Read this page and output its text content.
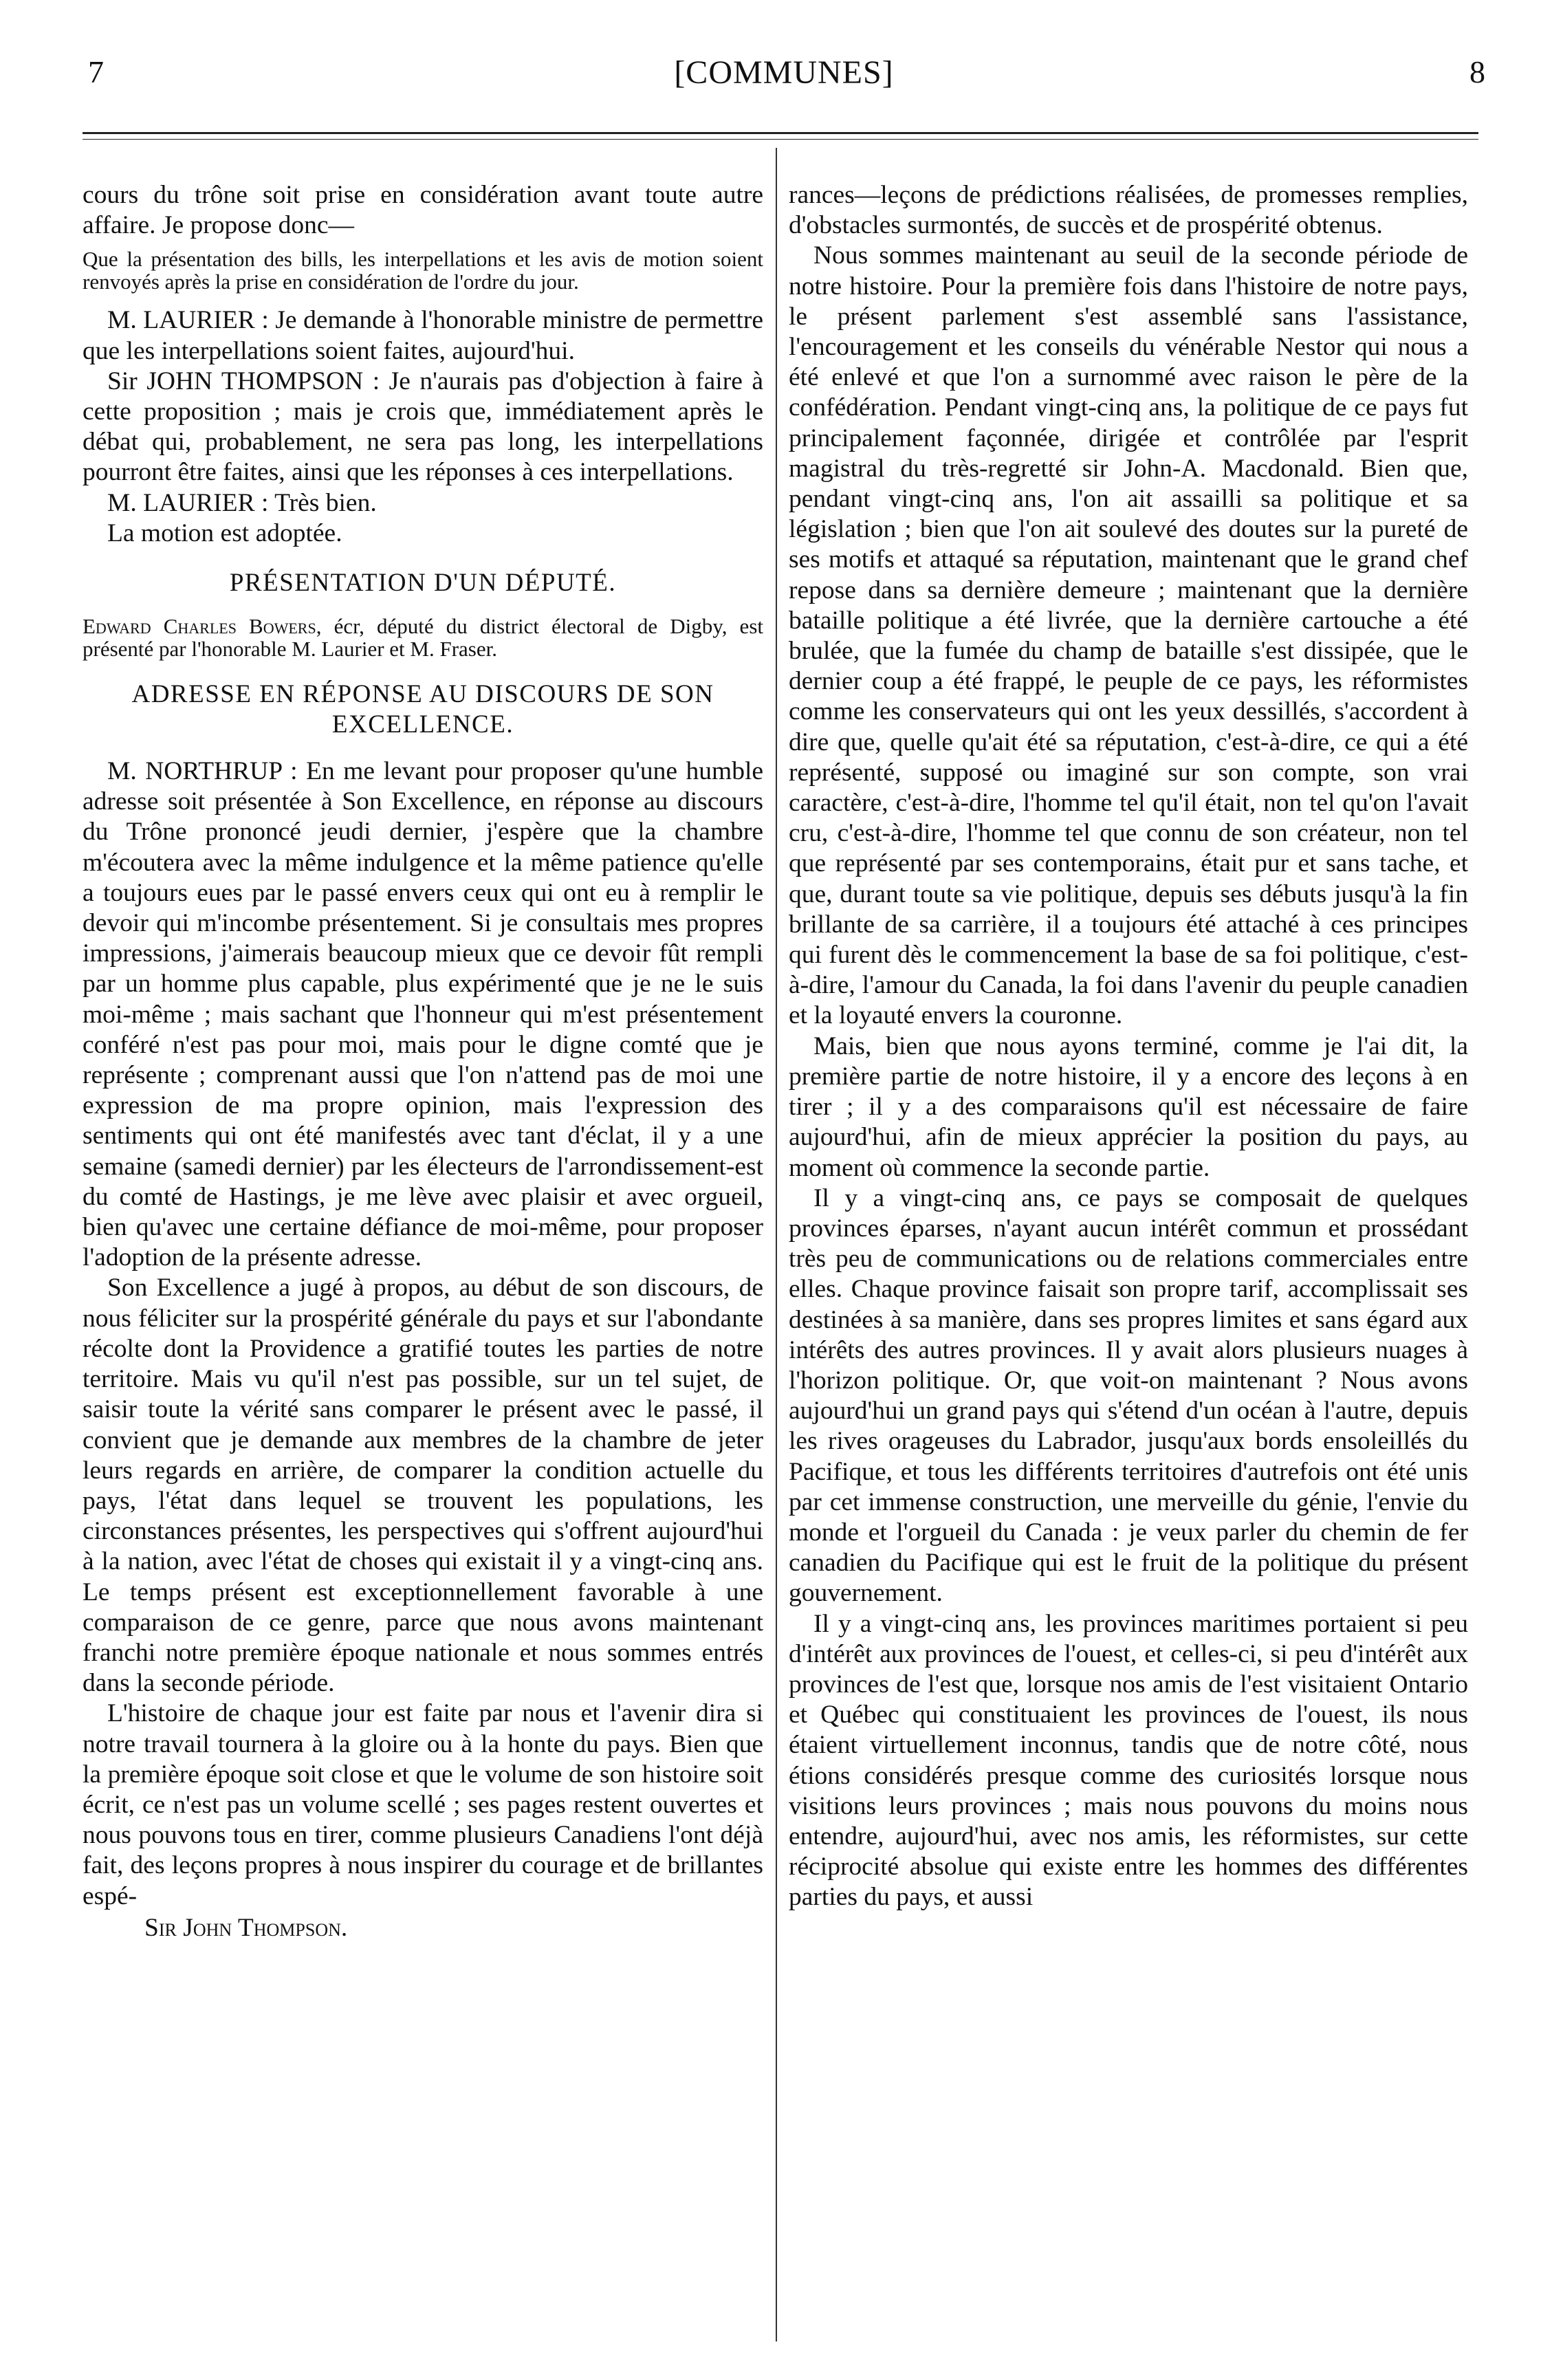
7	[COMMUNES]	8

cours du trône soit prise en considération avant toute autre affaire. Je propose donc—

Que la présentation des bills, les interpellations et les avis de motion soient renvoyés après la prise en considération de l'ordre du jour.

M. LAURIER : Je demande à l'honorable ministre de permettre que les interpellations soient faites, aujourd'hui.

Sir JOHN THOMPSON : Je n'aurais pas d'objection à faire à cette proposition ; mais je crois que, immédiatement après le débat qui, probablement, ne sera pas long, les interpellations pourront être faites, ainsi que les réponses à ces interpellations.

M. LAURIER : Très bien.

La motion est adoptée.

PRÉSENTATION D'UN DÉPUTÉ.

Edward Charles Bowers, écr, député du district électoral de Digby, est présenté par l'honorable M. Laurier et M. Fraser.

ADRESSE EN RÉPONSE AU DISCOURS DE SON EXCELLENCE.

M. NORTHRUP : En me levant pour proposer qu'une humble adresse soit présentée à Son Excellence, en réponse au discours du Trône prononcé jeudi dernier, j'espère que la chambre m'écoutera avec la même indulgence et la même patience qu'elle a toujours eues par le passé envers ceux qui ont eu à remplir le devoir qui m'incombe présentement. Si je consultais mes propres impressions, j'aimerais beaucoup mieux que ce devoir fût rempli par un homme plus capable, plus expérimenté que je ne le suis moi-même ; mais sachant que l'honneur qui m'est présentement conféré n'est pas pour moi, mais pour le digne comté que je représente ; comprenant aussi que l'on n'attend pas de moi une expression de ma propre opinion, mais l'expression des sentiments qui ont été manifestés avec tant d'éclat, il y a une semaine (samedi dernier) par les électeurs de l'arrondissement-est du comté de Hastings, je me lève avec plaisir et avec orgueil, bien qu'avec une certaine défiance de moi-même, pour proposer l'adoption de la présente adresse.

Son Excellence a jugé à propos, au début de son discours, de nous féliciter sur la prospérité générale du pays et sur l'abondante récolte dont la Providence a gratifié toutes les parties de notre territoire. Mais vu qu'il n'est pas possible, sur un tel sujet, de saisir toute la vérité sans comparer le présent avec le passé, il convient que je demande aux membres de la chambre de jeter leurs regards en arrière, de comparer la condition actuelle du pays, l'état dans lequel se trouvent les populations, les circonstances présentes, les perspectives qui s'offrent aujourd'hui à la nation, avec l'état de choses qui existait il y a vingt-cinq ans. Le temps présent est exceptionnellement favorable à une comparaison de ce genre, parce que nous avons maintenant franchi notre première époque nationale et nous sommes entrés dans la seconde période.

L'histoire de chaque jour est faite par nous et l'avenir dira si notre travail tournera à la gloire ou à la honte du pays. Bien que la première époque soit close et que le volume de son histoire soit écrit, ce n'est pas un volume scellé ; ses pages restent ouvertes et nous pouvons tous en tirer, comme plusieurs Canadiens l'ont déjà fait, des leçons propres à nous inspirer du courage et de brillantes espé-

Sir John Thompson.

rances—leçons de prédictions réalisées, de promesses remplies, d'obstacles surmontés, de succès et de prospérité obtenus.

Nous sommes maintenant au seuil de la seconde période de notre histoire. Pour la première fois dans l'histoire de notre pays, le présent parlement s'est assemblé sans l'assistance, l'encouragement et les conseils du vénérable Nestor qui nous a été enlevé et que l'on a surnommé avec raison le père de la confédération. Pendant vingt-cinq ans, la politique de ce pays fut principalement façonnée, dirigée et contrôlée par l'esprit magistral du très-regretté sir John-A. Macdonald. Bien que, pendant vingt-cinq ans, l'on ait assailli sa politique et sa législation ; bien que l'on ait soulevé des doutes sur la pureté de ses motifs et attaqué sa réputation, maintenant que le grand chef repose dans sa dernière demeure ; maintenant que la dernière bataille politique a été livrée, que la dernière cartouche a été brulée, que la fumée du champ de bataille s'est dissipée, que le dernier coup a été frappé, le peuple de ce pays, les réformistes comme les conservateurs qui ont les yeux dessillés, s'accordent à dire que, quelle qu'ait été sa réputation, c'est-à-dire, ce qui a été représenté, supposé ou imaginé sur son compte, son vrai caractère, c'est-à-dire, l'homme tel qu'il était, non tel qu'on l'avait cru, c'est-à-dire, l'homme tel que connu de son créateur, non tel que représenté par ses contemporains, était pur et sans tache, et que, durant toute sa vie politique, depuis ses débuts jusqu'à la fin brillante de sa carrière, il a toujours été attaché à ces principes qui furent dès le commencement la base de sa foi politique, c'est-à-dire, l'amour du Canada, la foi dans l'avenir du peuple canadien et la loyauté envers la couronne.

Mais, bien que nous ayons terminé, comme je l'ai dit, la première partie de notre histoire, il y a encore des leçons à en tirer ; il y a des comparaisons qu'il est nécessaire de faire aujourd'hui, afin de mieux apprécier la position du pays, au moment où commence la seconde partie.

Il y a vingt-cinq ans, ce pays se composait de quelques provinces éparses, n'ayant aucun intérêt commun et prossédant très peu de communications ou de relations commerciales entre elles. Chaque province faisait son propre tarif, accomplissait ses destinées à sa manière, dans ses propres limites et sans égard aux intérêts des autres provinces. Il y avait alors plusieurs nuages à l'horizon politique. Or, que voit-on maintenant ? Nous avons aujourd'hui un grand pays qui s'étend d'un océan à l'autre, depuis les rives orageuses du Labrador, jusqu'aux bords ensoleillés du Pacifique, et tous les différents territoires d'autrefois ont été unis par cet immense construction, une merveille du génie, l'envie du monde et l'orgueil du Canada : je veux parler du chemin de fer canadien du Pacifique qui est le fruit de la politique du présent gouvernement.

Il y a vingt-cinq ans, les provinces maritimes portaient si peu d'intérêt aux provinces de l'ouest, et celles-ci, si peu d'intérêt aux provinces de l'est que, lorsque nos amis de l'est visitaient Ontario et Québec qui constituaient les provinces de l'ouest, ils nous étaient virtuellement inconnus, tandis que de notre côté, nous étions considérés presque comme des curiosités lorsque nous visitions leurs provinces ; mais nous pouvons du moins nous entendre, aujourd'hui, avec nos amis, les réformistes, sur cette réciprocité absolue qui existe entre les hommes des différentes parties du pays, et aussi
